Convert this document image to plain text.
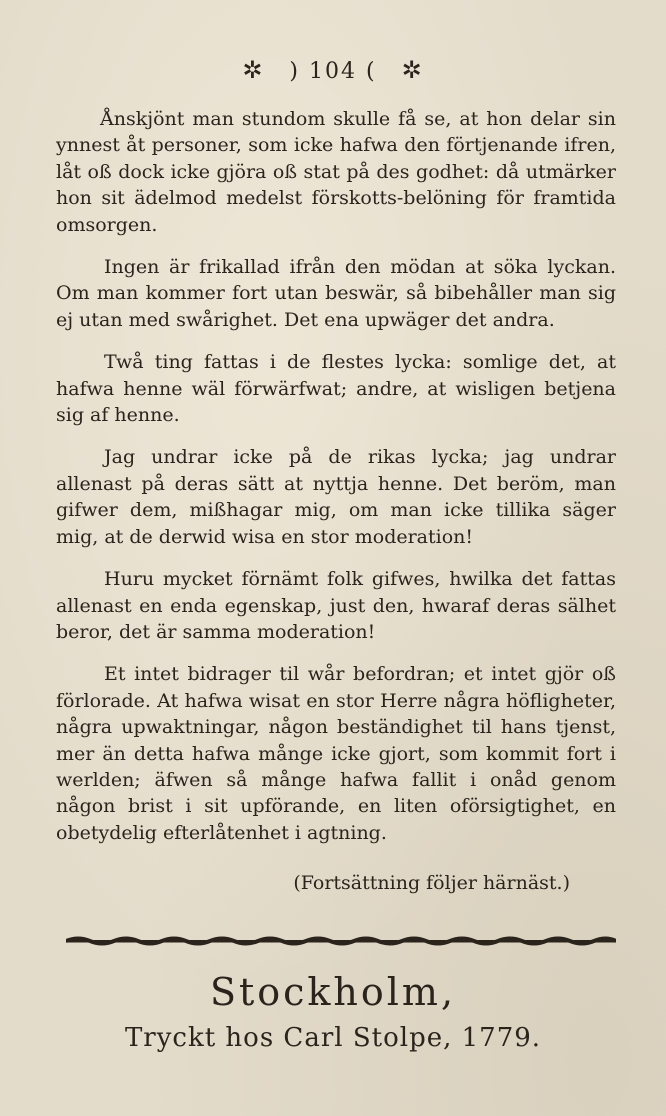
✲ ) 104 ( ✲

Ånskjönt man stundom skulle få se, at hon delar sin ynnest åt personer, som icke hafwa den förtjenande ifren, låt oß dock icke gjöra oß stat på des godhet: då utmärker hon sit ädelmod medelst förskotts-belöning för framtida omsorgen.

Ingen är frikallad ifrån den mödan at söka lyckan. Om man kommer fort utan beswär, så bibehåller man sig ej utan med swårighet. Det ena upwäger det andra.

Twå ting fattas i de flestes lycka: somlige det, at hafwa henne wäl förwärfwat; andre, at wisligen betjena sig af henne.

Jag undrar icke på de rikas lycka; jag undrar allenast på deras sätt at nyttja henne. Det beröm, man gifwer dem, mißhagar mig, om man icke tillika säger mig, at de derwid wisa en stor moderation!

Huru mycket förnämt folk gifwes, hwilka det fattas allenast en enda egenskap, just den, hwaraf deras sälhet beror, det är samma moderation!

Et intet bidrager til wår befordran; et intet gjör oß förlorade. At hafwa wisat en stor Herre några höfligheter, några upwaktningar, någon beständighet til hans tjenst, mer än detta hafwa månge icke gjort, som kommit fort i werlden; äfwen så månge hafwa fallit i onåd genom någon brist i sit upförande, en liten oförsigtighet, en obetydelig efterlåtenhet i agtning.

(Fortsättning följer härnäst.)
Stockholm,
Tryckt hos Carl Stolpe, 1779.
